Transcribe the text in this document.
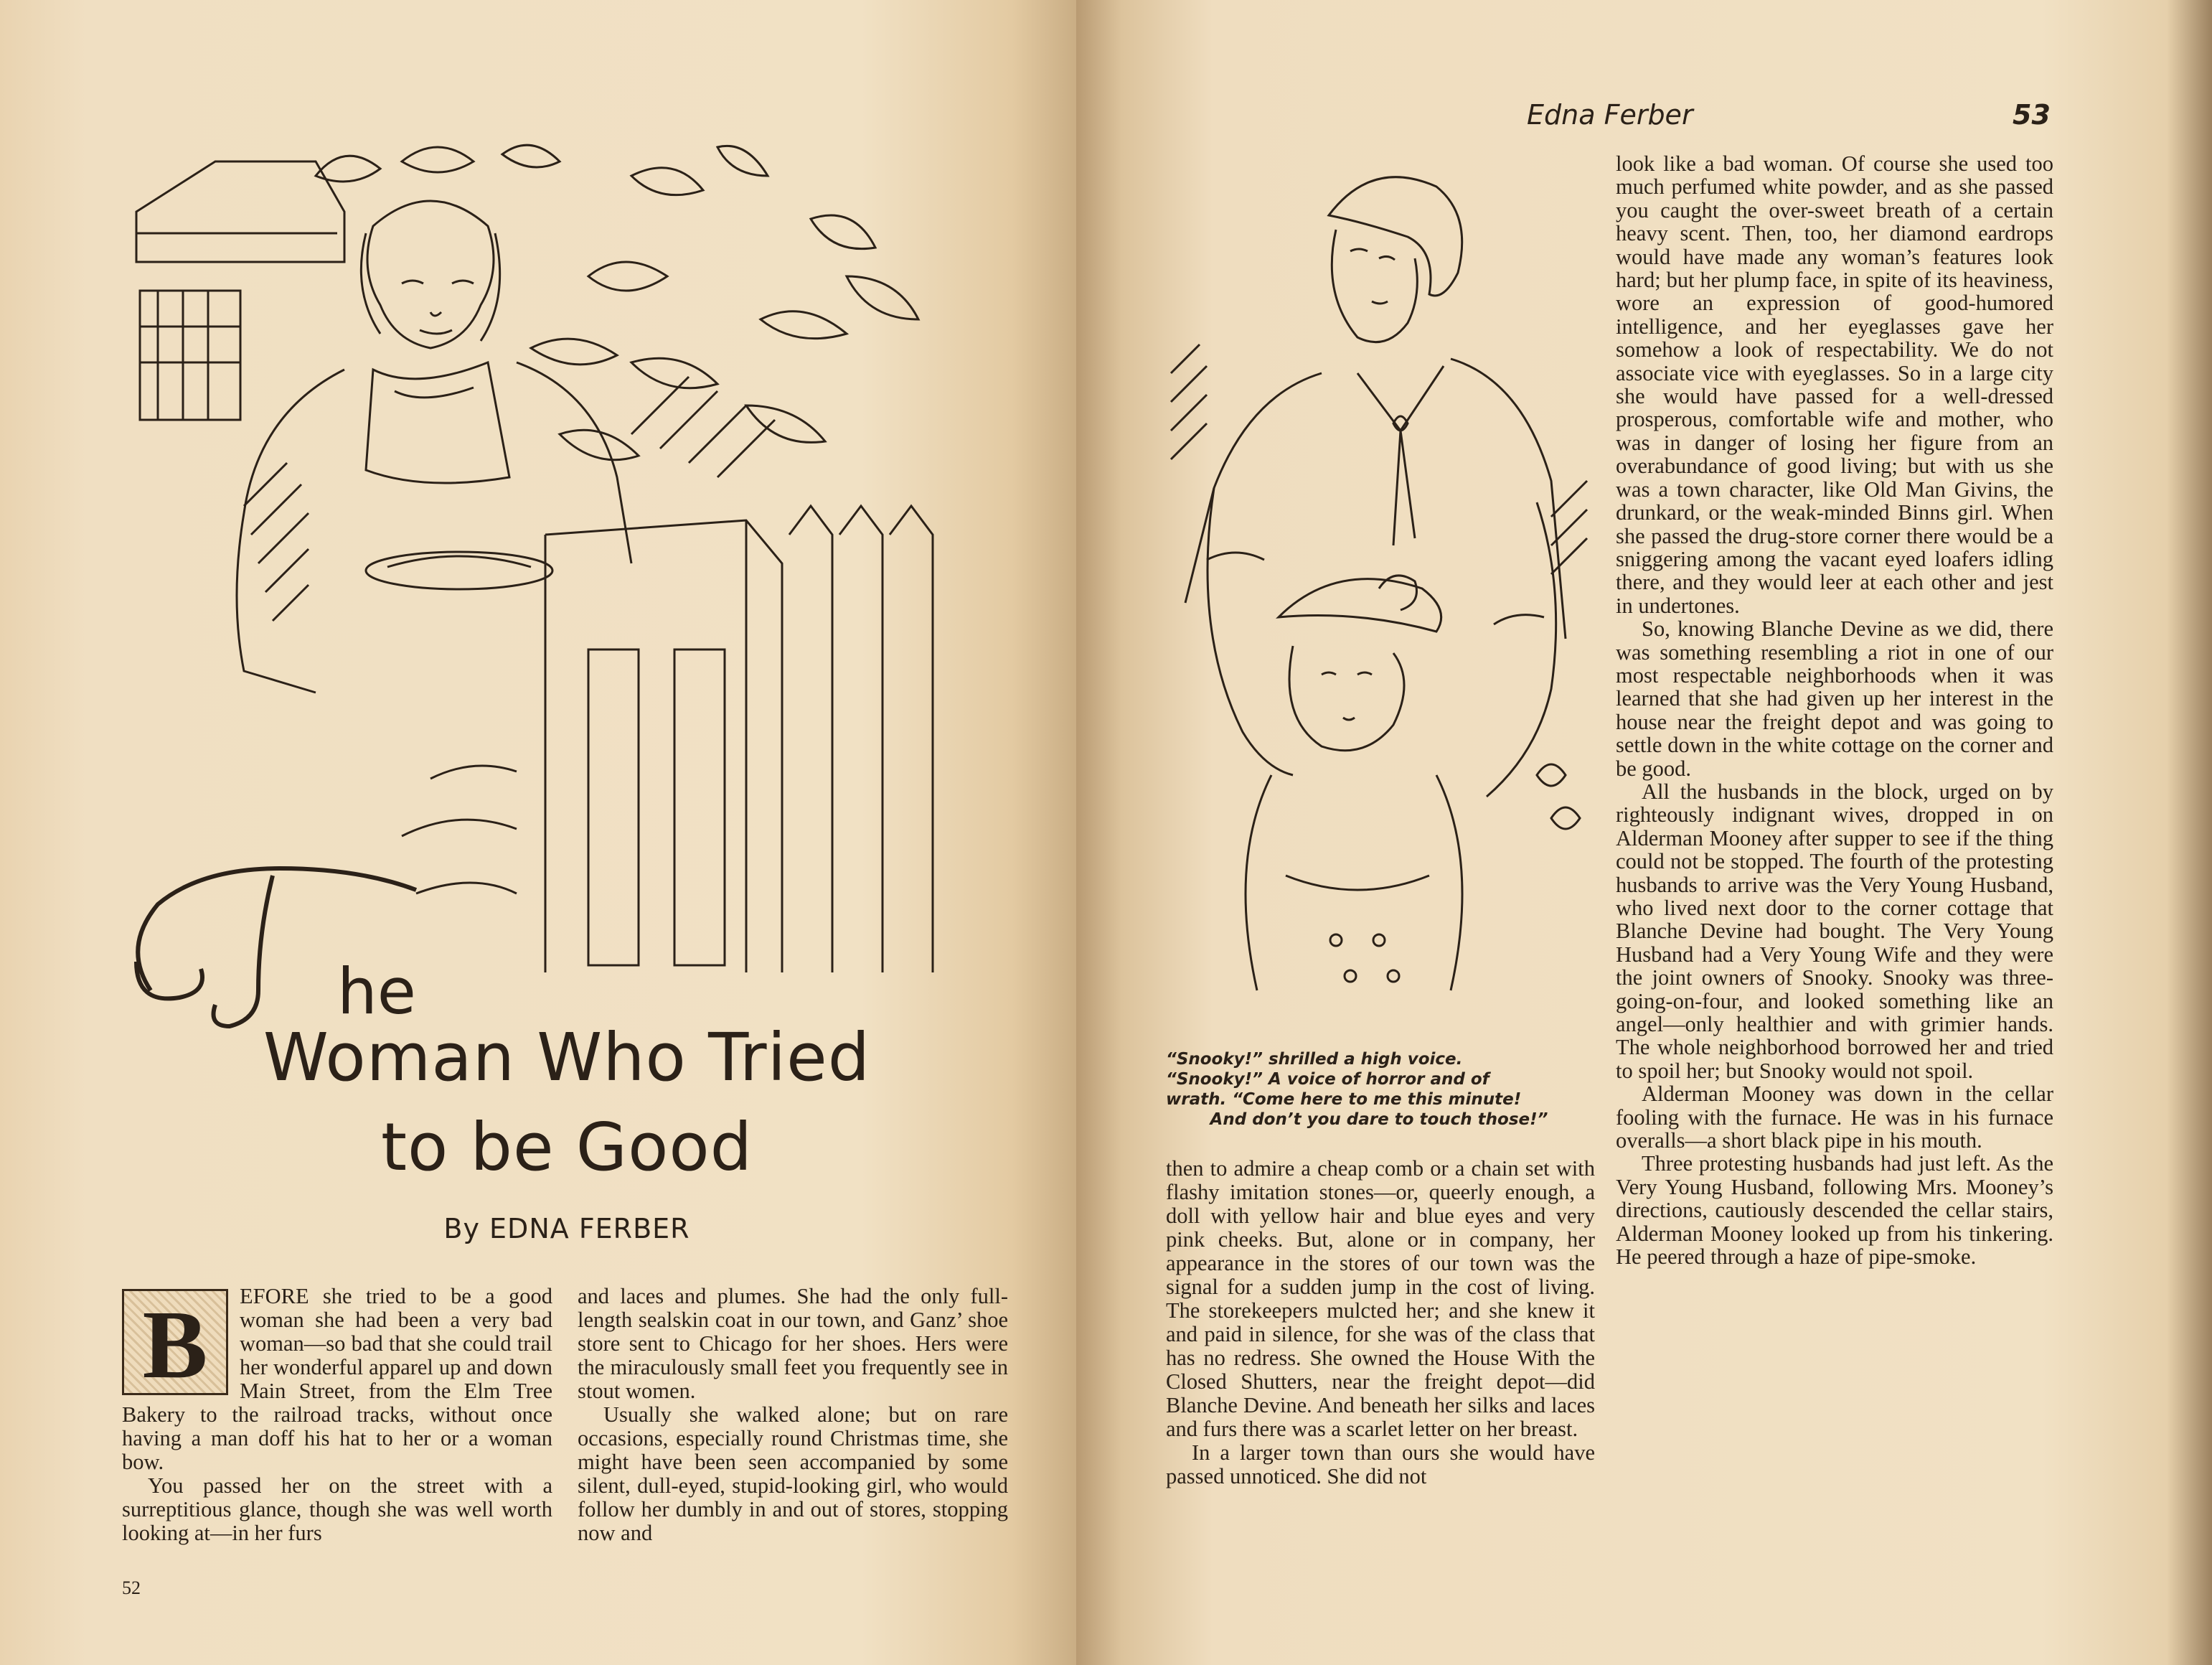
he
Woman Who Tried
to be Good
By EDNA FERBER
B	EFORE she tried to be a good woman she had been a very bad woman—so bad that she could trail her wonderful apparel up and down Main Street, from the Elm Tree Bakery to the railroad tracks, without once having a man doff his hat to her or a woman bow.

You passed her on the street with a surreptitious glance, though she was well worth looking at—in her furs

and laces and plumes. She had the only full-length sealskin coat in our town, and Ganz’ shoe store sent to Chicago for her shoes. Hers were the miraculously small feet you frequently see in stout women.

Usually she walked alone; but on rare occasions, especially round Christmas time, she might have been seen accompanied by some silent, dull-eyed, stupid-looking girl, who would follow her dumbly in and out of stores, stopping now and

52
Edna Ferber	53
“Snooky!” shrilled a high voice.
“Snooky!” A voice of horror and of
wrath. “Come here to me this minute!
And don’t you dare to touch those!”

then to admire a cheap comb or a chain set with flashy imitation stones—or, queerly enough, a doll with yellow hair and blue eyes and very pink cheeks. But, alone or in company, her appearance in the stores of our town was the signal for a sudden jump in the cost of living. The storekeepers mulcted her; and she knew it and paid in silence, for she was of the class that has no redress. She owned the House With the Closed Shutters, near the freight depot—did Blanche Devine. And beneath her silks and laces and furs there was a scarlet letter on her breast.

In a larger town than ours she would have passed unnoticed. She did not

look like a bad woman. Of course she used too much perfumed white powder, and as she passed you caught the over-sweet breath of a certain heavy scent. Then, too, her diamond eardrops would have made any woman’s features look hard; but her plump face, in spite of its heaviness, wore an expression of good-humored intelligence, and her eyeglasses gave her somehow a look of respectability. We do not associate vice with eyeglasses. So in a large city she would have passed for a well-dressed prosperous, comfortable wife and mother, who was in danger of losing her figure from an overabundance of good living; but with us she was a town character, like Old Man Givins, the drunkard, or the weak-minded Binns girl. When she passed the drug-store corner there would be a sniggering among the vacant eyed loafers idling there, and they would leer at each other and jest in undertones.

So, knowing Blanche Devine as we did, there was something resembling a riot in one of our most respectable neighborhoods when it was learned that she had given up her interest in the house near the freight depot and was going to settle down in the white cottage on the corner and be good.

All the husbands in the block, urged on by righteously indignant wives, dropped in on Alderman Mooney after supper to see if the thing could not be stopped. The fourth of the protesting husbands to arrive was the Very Young Husband, who lived next door to the corner cottage that Blanche Devine had bought. The Very Young Husband had a Very Young Wife and they were the joint owners of Snooky. Snooky was three-going-on-four, and looked something like an angel—only healthier and with grimier hands. The whole neighborhood borrowed her and tried to spoil her; but Snooky would not spoil.

Alderman Mooney was down in the cellar fooling with the furnace. He was in his furnace overalls—a short black pipe in his mouth.

Three protesting husbands had just left. As the Very Young Husband, following Mrs. Mooney’s directions, cautiously descended the cellar stairs, Alderman Mooney looked up from his tinkering. He peered through a haze of pipe-smoke.
